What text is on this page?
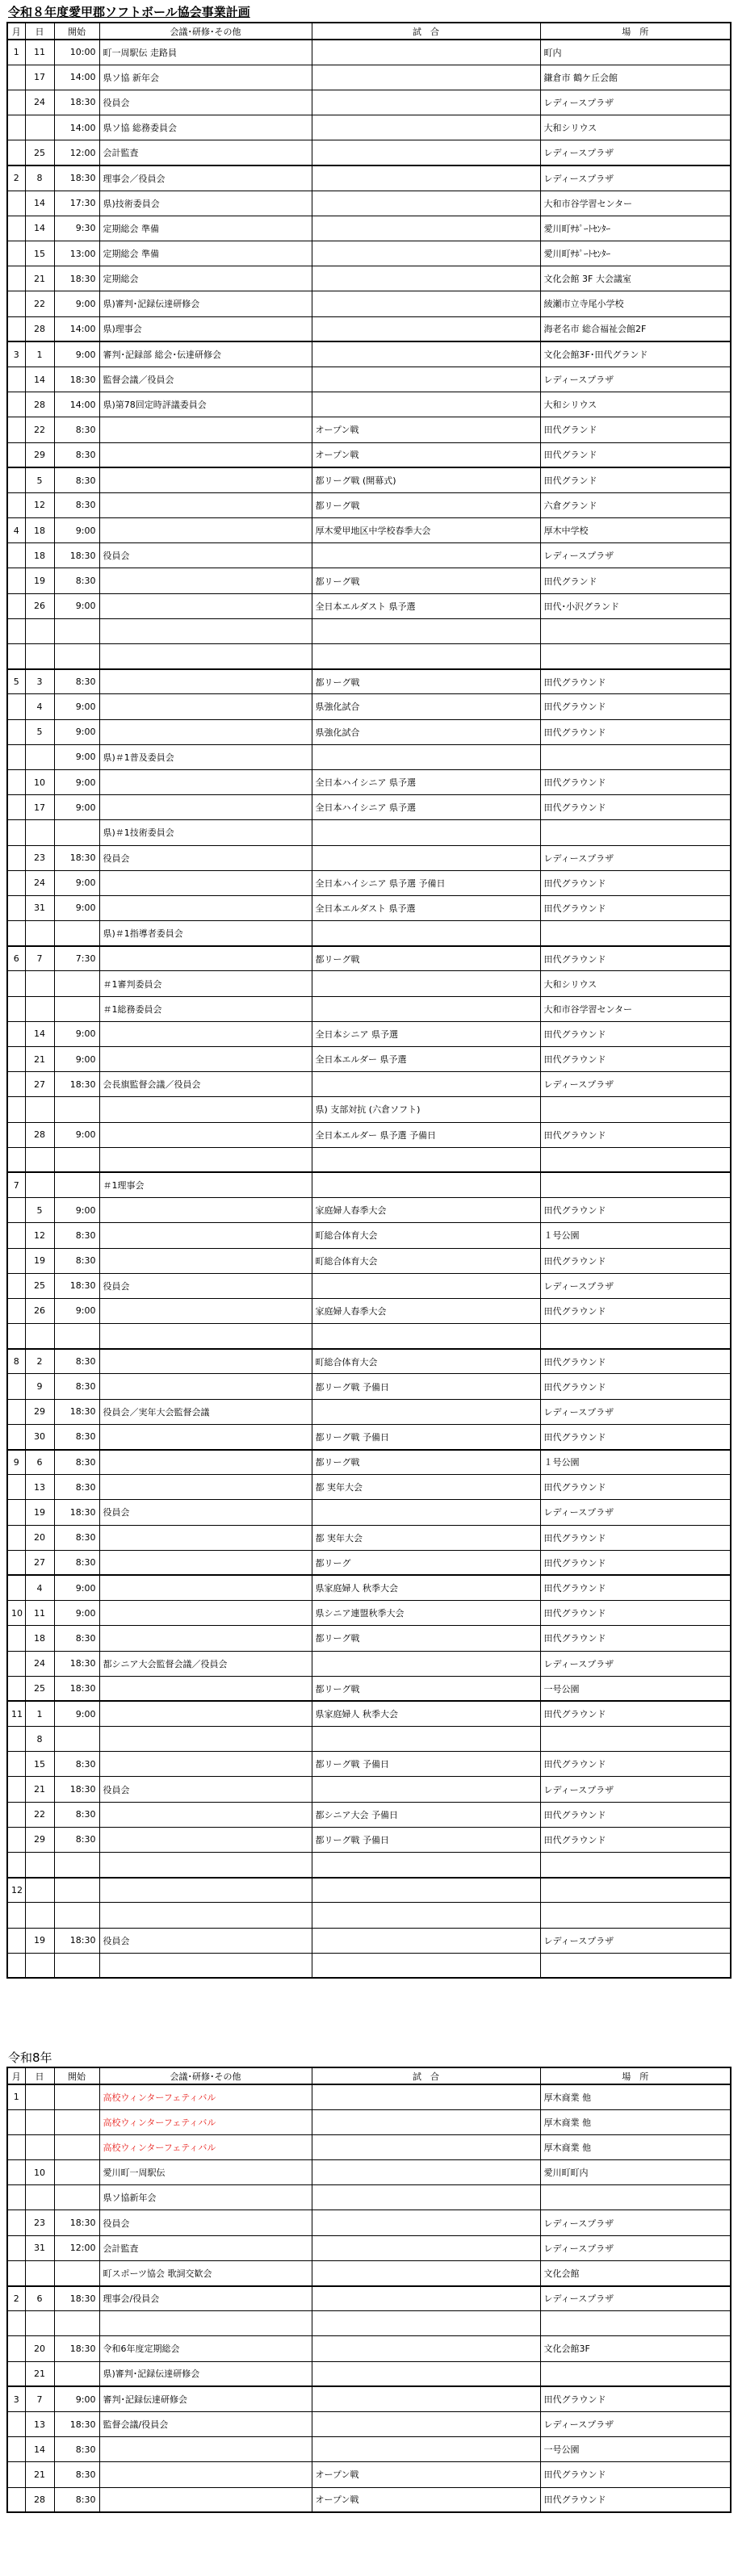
令和８年度愛甲郡ソフトボール協会事業計画
月	日	開始	会議･研修･その他	試　合	場　所
1	11	10:00	町一周駅伝 走路員		町内
	17	14:00	県ソ協 新年会		鎌倉市 鶴ケ丘会館
	24	18:30	役員会		レディースプラザ
		14:00	県ソ協 総務委員会		大和シリウス
	25	12:00	会計監査		レディースプラザ
2	8	18:30	理事会／役員会		レディースプラザ
	14	17:30	県)技術委員会		大和市谷学習センター
	14	9:30	定期総会 準備		愛川町ｻﾎﾟｰﾄｾﾝﾀｰ
	15	13:00	定期総会 準備		愛川町ｻﾎﾟｰﾄｾﾝﾀｰ
	21	18:30	定期総会		文化会館 3F 大会議室
	22	9:00	県)審判･記録伝達研修会		綾瀬市立寺尾小学校
	28	14:00	県)理事会		海老名市 総合福祉会館2F
3	1	9:00	審判･記録部 総会･伝達研修会		文化会館3F･田代グランド
	14	18:30	監督会議／役員会		レディースプラザ
	28	14:00	県)第78回定時評議委員会		大和シリウス
	22	8:30		オープン戦	田代グランド
	29	8:30		オープン戦	田代グランド
	5	8:30		都リーグ戦 (開幕式)	田代グランド
	12	8:30		都リーグ戦	六倉グランド
4	18	9:00		厚木愛甲地区中学校春季大会	厚木中学校
	18	18:30	役員会		レディースプラザ
	19	8:30		都リーグ戦	田代グランド
	26	9:00		全日本エルダスト 県予選	田代･小沢グランド

5	3	8:30		都リーグ戦	田代グラウンド
	4	9:00		県強化試合	田代グラウンド
	5	9:00		県強化試合	田代グラウンド
		9:00	県)＃1普及委員会		
	10	9:00		全日本ハイシニア 県予選	田代グラウンド
	17	9:00		全日本ハイシニア 県予選	田代グラウンド
			県)＃1技術委員会		
	23	18:30	役員会		レディースプラザ
	24	9:00		全日本ハイシニア 県予選 予備日	田代グラウンド
	31	9:00		全日本エルダスト 県予選	田代グラウンド
			県)＃1指導者委員会		
6	7	7:30		都リーグ戦	田代グラウンド
			＃1審判委員会		大和シリウス
			＃1総務委員会		大和市谷学習センター
	14	9:00		全日本シニア 県予選	田代グラウンド
	21	9:00		全日本エルダー 県予選	田代グラウンド
	27	18:30	会長旗監督会議／役員会		レディースプラザ
				県) 支部対抗 (六倉ソフト)	
	28	9:00		全日本エルダー 県予選 予備日	田代グラウンド

7			＃1理事会		
	5	9:00		家庭婦人春季大会	田代グラウンド
	12	8:30		町総合体育大会	１号公園
	19	8:30		町総合体育大会	田代グラウンド
	25	18:30	役員会		レディースプラザ
	26	9:00		家庭婦人春季大会	田代グラウンド

8	2	8:30		町総合体育大会	田代グラウンド
	9	8:30		都リーグ戦 予備日	田代グラウンド
	29	18:30	役員会／実年大会監督会議		レディースプラザ
	30	8:30		都リーグ戦 予備日	田代グラウンド
9	6	8:30		都リーグ戦	１号公園
	13	8:30		都 実年大会	田代グラウンド
	19	18:30	役員会		レディースプラザ
	20	8:30		都 実年大会	田代グラウンド
	27	8:30		都リーグ	田代グラウンド
	4	9:00		県家庭婦人 秋季大会	田代グラウンド
10	11	9:00		県シニア連盟秋季大会	田代グラウンド
	18	8:30		都リーグ戦	田代グラウンド
	24	18:30	都シニア大会監督会議／役員会		レディースプラザ
	25	18:30		都リーグ戦	一号公園
11	1	9:00		県家庭婦人 秋季大会	田代グラウンド
	8				
	15	8:30		都リーグ戦 予備日	田代グラウンド
	21	18:30	役員会		レディースプラザ
	22	8:30		都シニア大会 予備日	田代グラウンド
	29	8:30		都リーグ戦 予備日	田代グラウンド

12					

	19	18:30	役員会		レディースプラザ

令和8年
月	日	開始	会議･研修･その他	試　合	場　所
1			高校ウィンターフェティバル		厚木商業 他
			高校ウィンターフェティバル		厚木商業 他
			高校ウィンターフェティバル		厚木商業 他
	10		愛川町一周駅伝		愛川町町内
			県ソ協新年会		
	23	18:30	役員会		レディースプラザ
	31	12:00	会計監査		レディースプラザ
			町スポーツ協会 歌詞交歓会		文化会館
2	6	18:30	理事会/役員会		レディースプラザ

	20	18:30	令和6年度定期総会		文化会館3F
	21		県)審判･記録伝達研修会		
3	7	9:00	審判･記録伝達研修会		田代グラウンド
	13	18:30	監督会議/役員会		レディースプラザ
	14	8:30			一号公園
	21	8:30		オープン戦	田代グラウンド
	28	8:30		オープン戦	田代グラウンド
